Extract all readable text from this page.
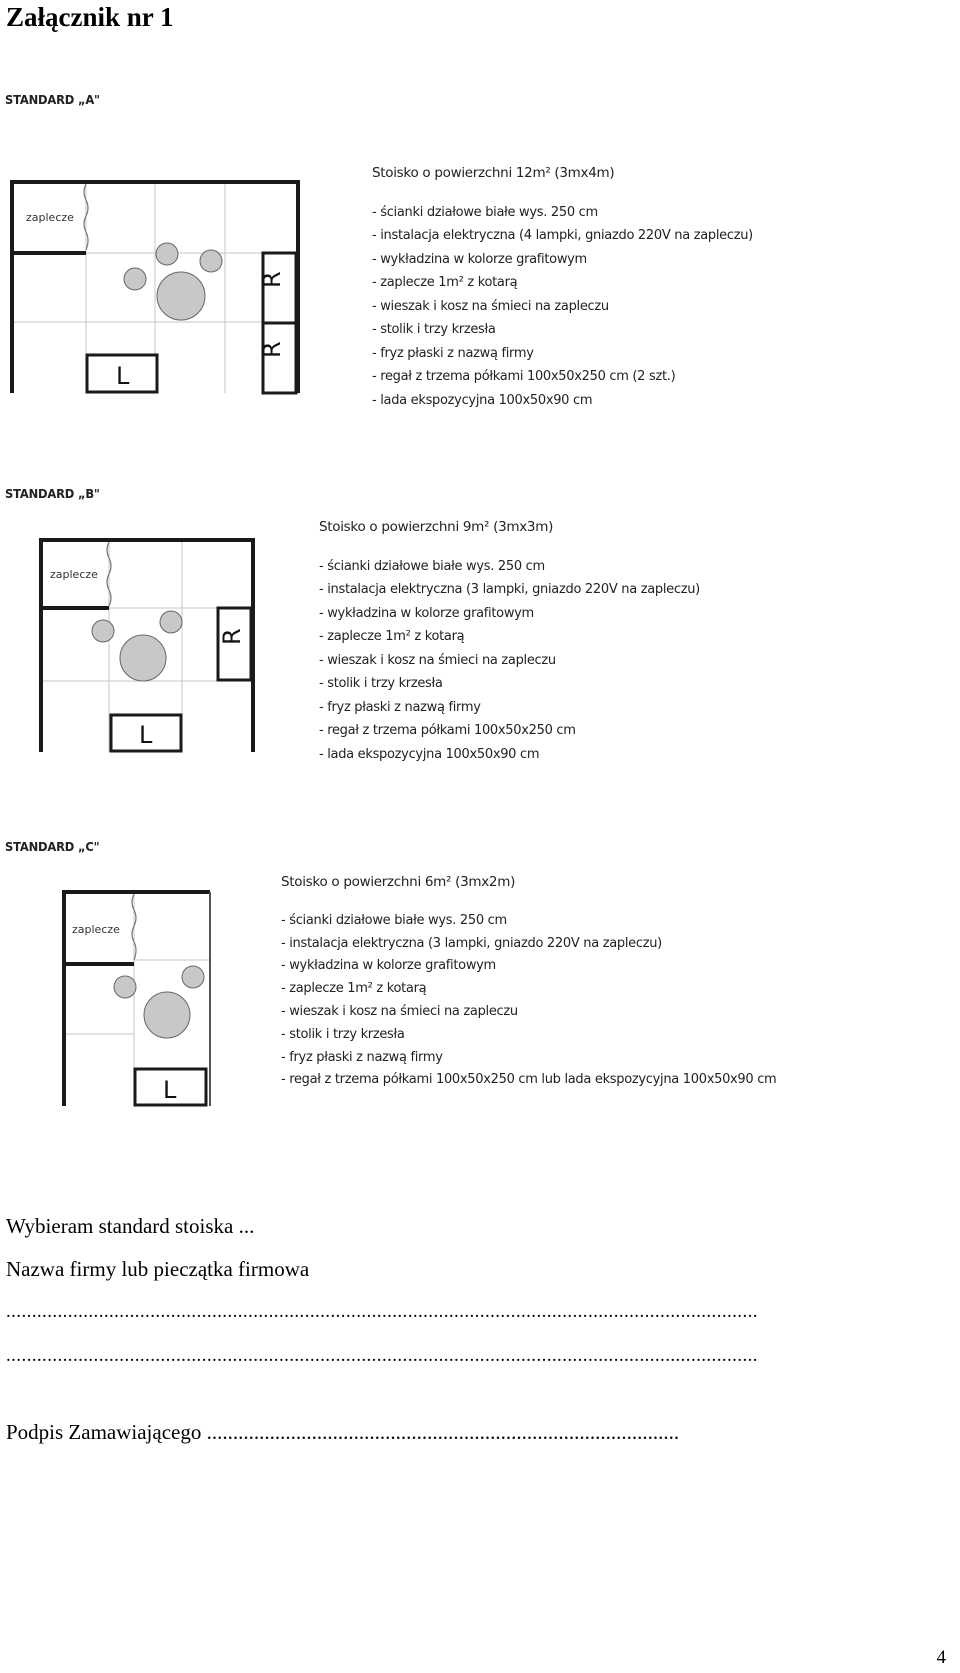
Załącznik nr 1
STANDARD „A"
zaplecze
R
R
L
Stoisko o powierzchni 12m² (3mx4m)
- ścianki działowe białe wys. 250 cm
- instalacja elektryczna (4 lampki, gniazdo 220V na zapleczu)
- wykładzina w kolorze grafitowym
- zaplecze 1m² z kotarą
- wieszak i kosz na śmieci na zapleczu
- stolik i trzy krzesła
- fryz płaski z nazwą firmy
- regał z trzema półkami 100x50x250 cm (2 szt.)
- lada ekspozycyjna 100x50x90 cm
STANDARD „B"
zaplecze
R
L
Stoisko o powierzchni 9m² (3mx3m)
- ścianki działowe białe wys. 250 cm
- instalacja elektryczna (3 lampki, gniazdo 220V na zapleczu)
- wykładzina w kolorze grafitowym
- zaplecze 1m² z kotarą
- wieszak i kosz na śmieci na zapleczu
- stolik i trzy krzesła
- fryz płaski z nazwą firmy
- regał z trzema półkami 100x50x250 cm
- lada ekspozycyjna 100x50x90 cm
STANDARD „C"
zaplecze
L
Stoisko o powierzchni 6m² (3mx2m)
- ścianki działowe białe wys. 250 cm
- instalacja elektryczna (3 lampki, gniazdo 220V na zapleczu)
- wykładzina w kolorze grafitowym
- zaplecze 1m² z kotarą
- wieszak i kosz na śmieci na zapleczu
- stolik i trzy krzesła
- fryz płaski z nazwą firmy
- regał z trzema półkami 100x50x250 cm lub lada ekspozycyjna 100x50x90 cm
Wybieram standard stoiska ...
Nazwa firmy lub pieczątka firmowa
..................................................................................................................................................
..................................................................................................................................................
Podpis Zamawiającego ..........................................................................................
4
